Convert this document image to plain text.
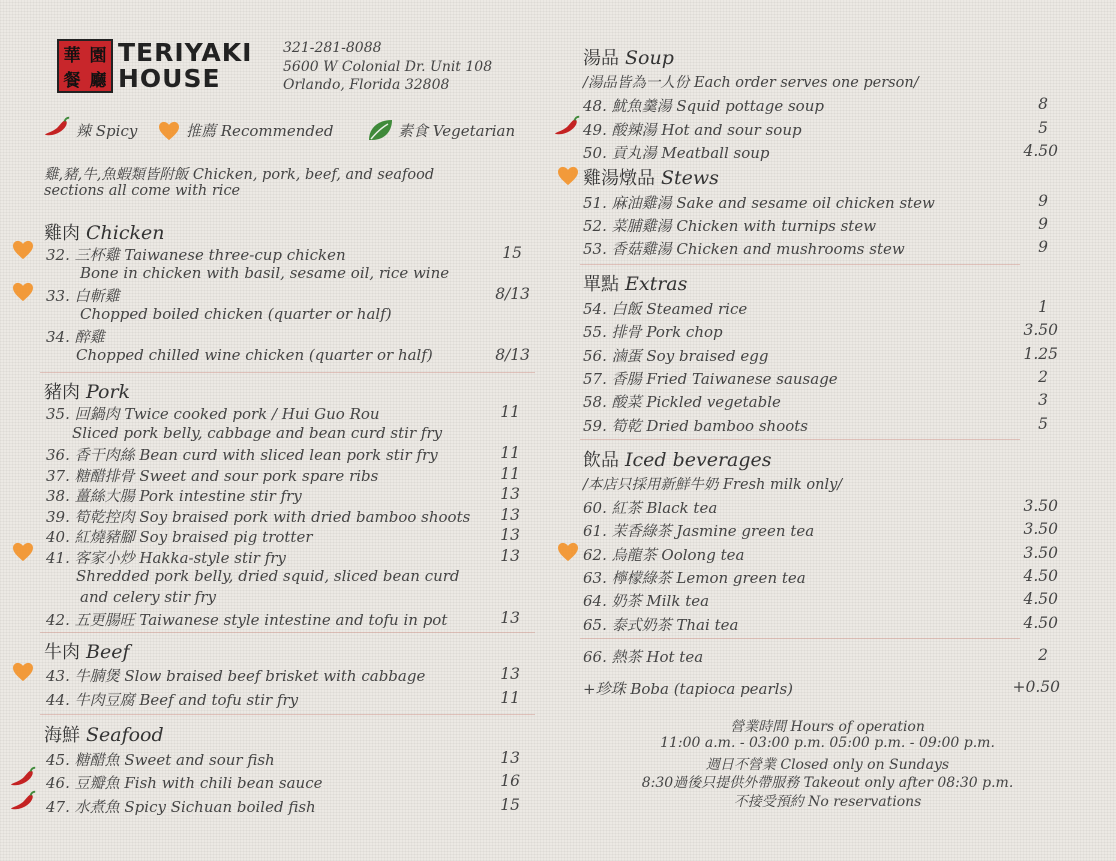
華 園
餐 廳
TERIYAKI
HOUSE
321-281-8088
5600 W Colonial Dr. Unit 108
Orlando, Florida 32808
辣 Spicy	推薦 Recommended	素食 Vegetarian
雞,豬,牛,魚蝦類皆附飯 Chicken, pork, beef, and seafood
sections all come with rice
雞肉 Chicken
32. 三杯雞 Taiwanese three-cup chicken	15
Bone in chicken with basil, sesame oil, rice wine
33. 白斬雞	8/13
Chopped boiled chicken (quarter or half)
34. 醉雞
Chopped chilled wine chicken (quarter or half)	8/13
豬肉 Pork
35. 回鍋肉 Twice cooked pork / Hui Guo Rou	11
Sliced pork belly, cabbage and bean curd stir fry
36. 香干肉絲 Bean curd with sliced lean pork stir fry	11
37. 糖醋排骨 Sweet and sour pork spare ribs	11
38. 薑絲大腸 Pork intestine stir fry	13
39. 筍乾控肉 Soy braised pork with dried bamboo shoots	13
40. 紅燒豬腳 Soy braised pig trotter	13
41. 客家小炒 Hakka-style stir fry	13
Shredded pork belly, dried squid, sliced bean curd
and celery stir fry
42. 五更腸旺 Taiwanese style intestine and tofu in pot	13
牛肉 Beef
43. 牛腩煲 Slow braised beef brisket with cabbage	13
44. 牛肉豆腐 Beef and tofu stir fry	11
海鮮 Seafood
45. 糖醋魚 Sweet and sour fish	13
46. 豆瓣魚 Fish with chili bean sauce	16
47. 水煮魚 Spicy Sichuan boiled fish	15
湯品 Soup
/湯品皆為一人份 Each order serves one person/
48. 魷魚羹湯 Squid pottage soup	8
49. 酸辣湯 Hot and sour soup	5
50. 貢丸湯 Meatball soup	4.50
雞湯燉品 Stews
51. 麻油雞湯 Sake and sesame oil chicken stew	9
52. 菜脯雞湯 Chicken with turnips stew	9
53. 香菇雞湯 Chicken and mushrooms stew	9
單點 Extras
54. 白飯 Steamed rice	1
55. 排骨 Pork chop	3.50
56. 滷蛋 Soy braised egg	1.25
57. 香腸 Fried Taiwanese sausage	2
58. 酸菜 Pickled vegetable	3
59. 筍乾 Dried bamboo shoots	5
飲品 Iced beverages
/本店只採用新鮮牛奶 Fresh milk only/
60. 紅茶 Black tea	3.50
61. 茉香綠茶 Jasmine green tea	3.50
62. 烏龍茶 Oolong tea	3.50
63. 檸檬綠茶 Lemon green tea	4.50
64. 奶茶 Milk tea	4.50
65. 泰式奶茶 Thai tea	4.50
66. 熱茶 Hot tea	2
+珍珠 Boba (tapioca pearls)	+0.50
營業時間 Hours of operation
11:00 a.m. - 03:00 p.m. 05:00 p.m. - 09:00 p.m.
週日不營業 Closed only on Sundays
8:30過後只提供外帶服務 Takeout only after 08:30 p.m.
不接受預約 No reservations
